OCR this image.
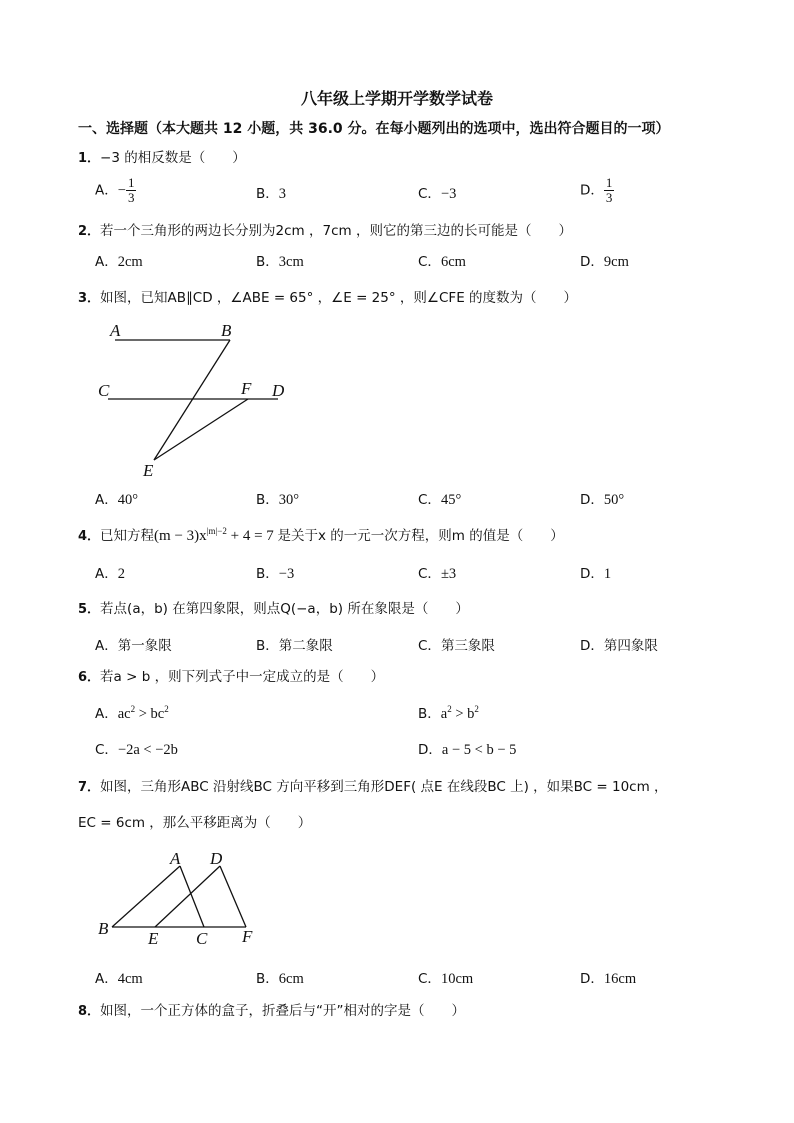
八年级上学期开学数学试卷
一、选择题（本大题共 12 小题，共 36.0 分。在每小题列出的选项中，选出符合题目的一项）
1．−3 的相反数是（　　）
A．− $\frac{1}{3}$	B．3	C．−3	D． $\frac{1}{3}$
2．若一个三角形的两边长分别为2cm ，7cm ，则它的第三边的长可能是（　　）
A．2cm	B．3cm	C．6cm	D．9cm
3．如图，已知AB∥CD ，∠ABE = 65° ，∠E = 25° ，则∠CFE 的度数为（　　）
A	B
C	F D
E
A．40°	B．30°	C．45°	D．50°
4．已知方程$(m - 3)x^{|m|-2} + 4 = 7$ 是关于x 的一元一次方程，则m 的值是（　　）
A．2	B．−3	C．±3	D．1
5．若点(a，b) 在第四象限，则点Q(−a，b) 所在象限是（　　）
A．第一象限	B．第二象限	C．第三象限	D．第四象限
6．若a > b ，则下列式子中一定成立的是（　　）
A．$ac^2 > bc^2$	B．$a^2 > b^2$
C．−2a < −2b	D．a − 5 < b − 5
7．如图，三角形ABC 沿射线BC 方向平移到三角形DEF( 点E 在线段BC 上) ，如果BC = 10cm ，
EC = 6cm ，那么平移距离为（　　）
A D
B
E C F
A．4cm	B．6cm	C．10cm	D．16cm
8．如图，一个正方体的盒子，折叠后与“开”相对的字是（　　）
